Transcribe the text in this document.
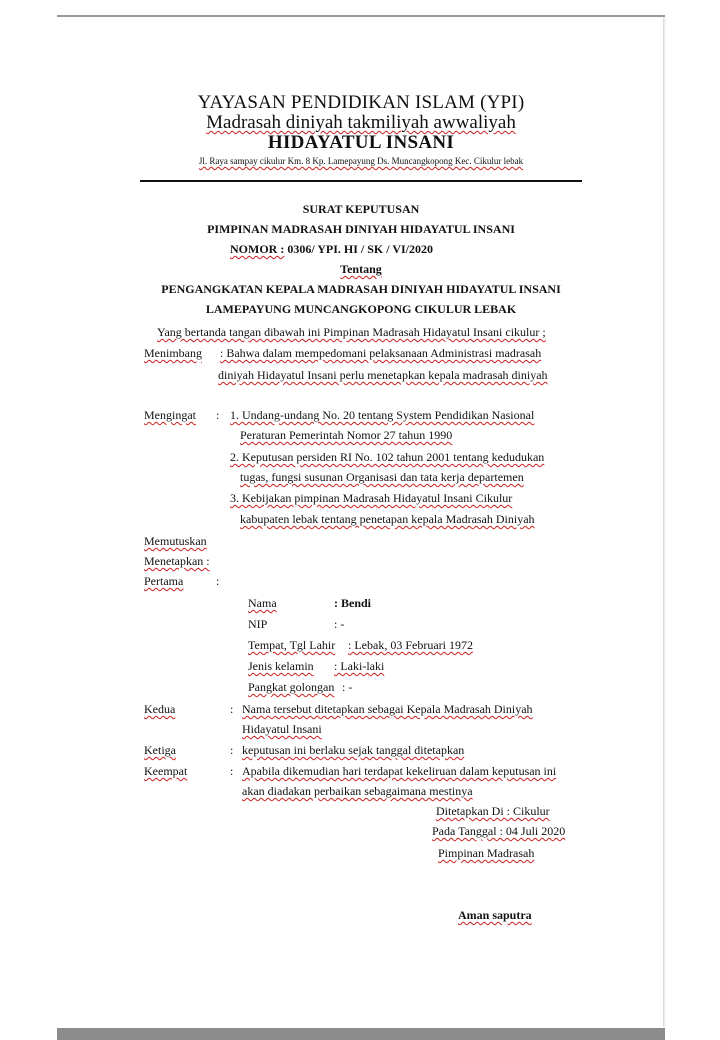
YAYASAN PENDIDIKAN ISLAM (YPI)
Madrasah diniyah takmiliyah awwaliyah
HIDAYATUL INSANI
Jl. Raya sampay cikulur Km. 8 Kp. Lamepayung Ds. Muncangkopong Kec. Cikulur lebak
SURAT KEPUTUSAN
PIMPINAN MADRASAH DINIYAH HIDAYATUL INSANI
NOMOR : 0306/ YPI. HI / SK / VI/2020
Tentang
PENGANGKATAN KEPALA MADRASAH DINIYAH HIDAYATUL INSANI
LAMEPAYUNG MUNCANGKOPONG CIKULUR LEBAK
Yang bertanda tangan dibawah ini Pimpinan Madrasah Hidayatul Insani cikulur ;
Menimbang : Bahwa dalam mempedomani pelaksanaan Administrasi madrasah
diniyah Hidayatul Insani perlu menetapkan kepala madrasah diniyah
Mengingat : 1. Undang-undang No. 20 tentang System Pendidikan Nasional
Peraturan Pemerintah Nomor 27 tahun 1990
2. Keputusan persiden RI No. 102 tahun 2001 tentang kedudukan
tugas, fungsi susunan Organisasi dan tata kerja departemen
3. Kebijakan pimpinan Madrasah Hidayatul Insani Cikulur
kabupaten lebak tentang penetapan kepala Madrasah Diniyah
Memutuskan
Menetapkan :
Pertama	:
Nama	: Bendi
NIP	: -
Tempat, Tgl Lahir : Lebak, 03 Februari 1972
Jenis kelamin : Laki-laki
Pangkat golongan : -
Kedua	: Nama tersebut ditetapkan sebagai Kepala Madrasah Diniyah
Hidayatul Insani
Ketiga	: keputusan ini berlaku sejak tanggal ditetapkan
Keempat	: Apabila dikemudian hari terdapat kekeliruan dalam keputusan ini
akan diadakan perbaikan sebagaimana mestinya
Ditetapkan Di : Cikulur
Pada Tanggal : 04 Juli 2020
Pimpinan Madrasah
Aman saputra
